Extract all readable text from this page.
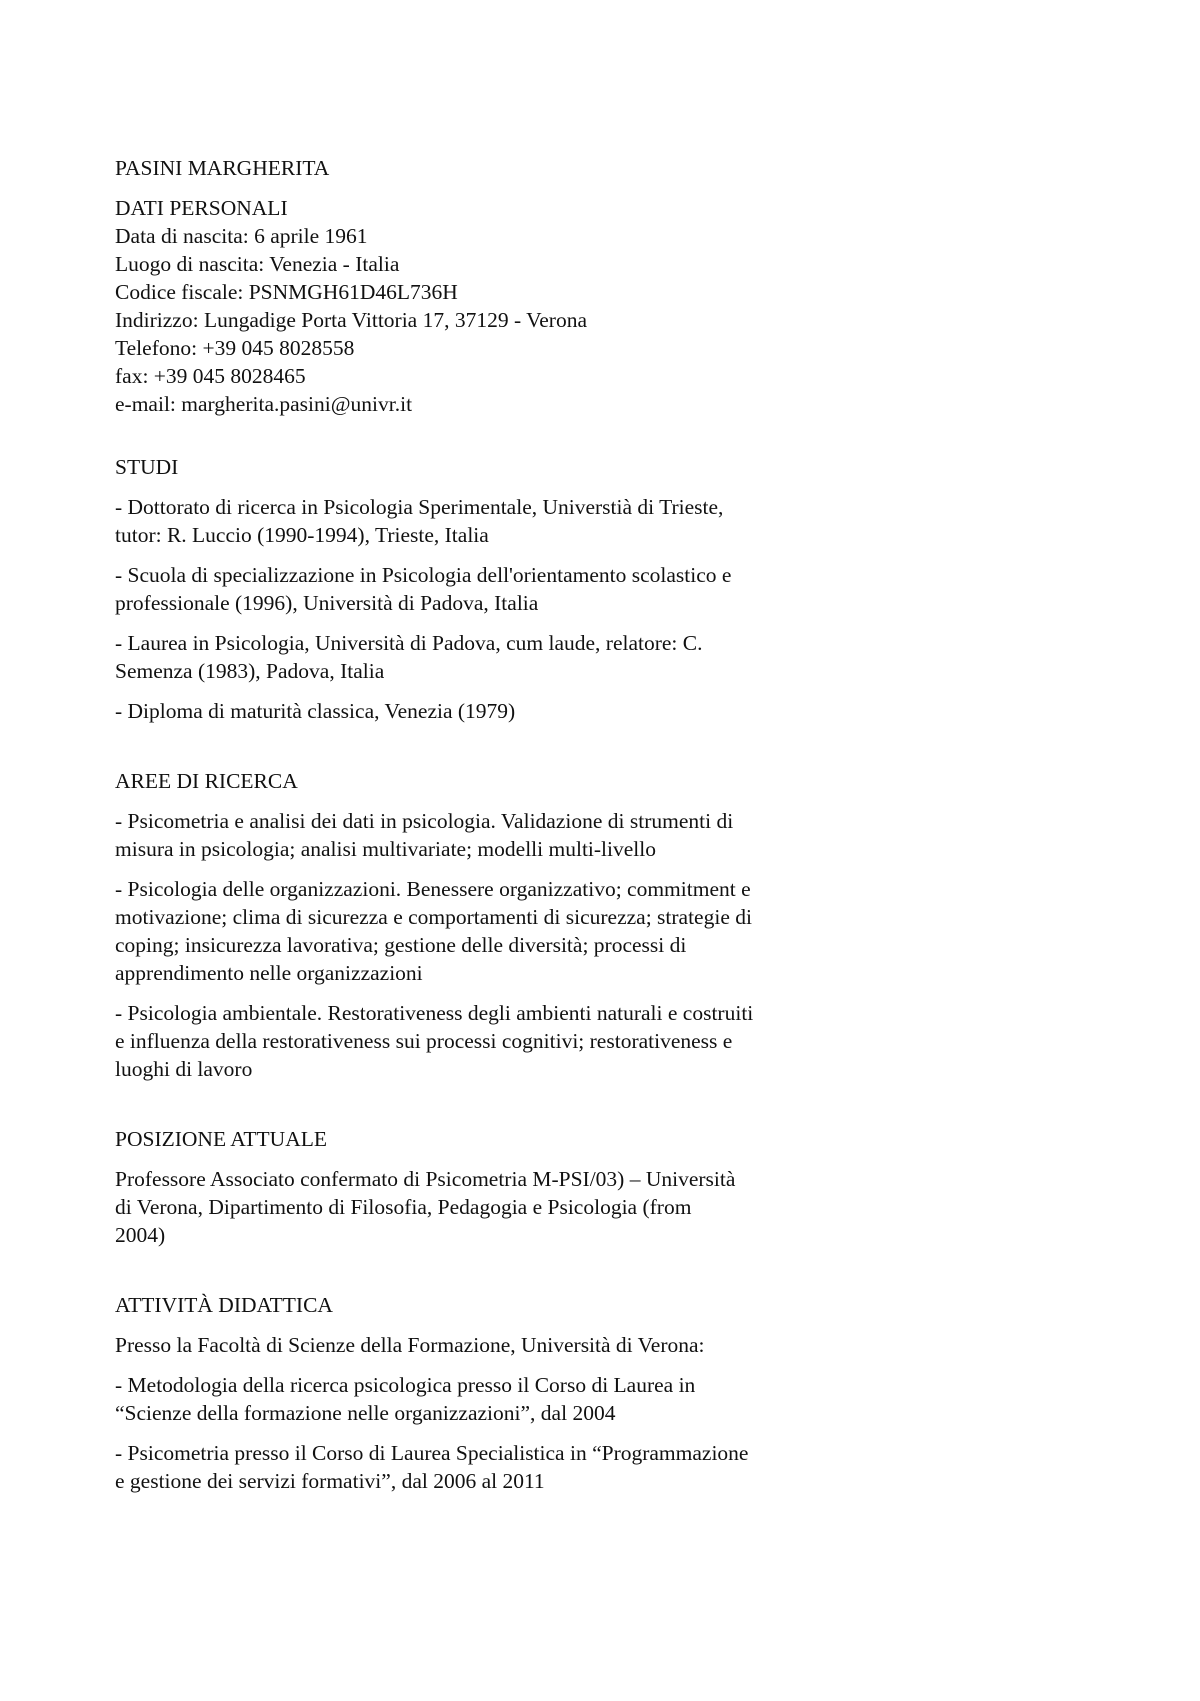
PASINI MARGHERITA
DATI PERSONALI
Data di nascita: 6 aprile 1961
Luogo di nascita: Venezia - Italia
Codice fiscale: PSNMGH61D46L736H
Indirizzo: Lungadige Porta Vittoria 17, 37129 - Verona
Telefono: +39 045 8028558
fax: +39 045 8028465
e-mail: margherita.pasini@univr.it
STUDI
- Dottorato di ricerca in Psicologia Sperimentale, Universtià di Trieste,
tutor: R. Luccio (1990-1994), Trieste, Italia
- Scuola di specializzazione in Psicologia dell'orientamento scolastico e
professionale (1996), Università di Padova, Italia
- Laurea in Psicologia, Università di Padova, cum laude, relatore: C.
Semenza (1983), Padova, Italia
- Diploma di maturità classica, Venezia (1979)
AREE DI RICERCA
- Psicometria e analisi dei dati in psicologia. Validazione di strumenti di
misura in psicologia; analisi multivariate; modelli multi-livello
- Psicologia delle organizzazioni. Benessere organizzativo; commitment e
motivazione; clima di sicurezza e comportamenti di sicurezza; strategie di
coping; insicurezza lavorativa; gestione delle diversità; processi di
apprendimento nelle organizzazioni
- Psicologia ambientale. Restorativeness degli ambienti naturali e costruiti
e influenza della restorativeness sui processi cognitivi; restorativeness e
luoghi di lavoro
POSIZIONE ATTUALE
Professore Associato confermato di Psicometria M-PSI/03) – Università
di Verona, Dipartimento di Filosofia, Pedagogia e Psicologia (from
2004)
ATTIVITÀ DIDATTICA
Presso la Facoltà di Scienze della Formazione, Università di Verona:
- Metodologia della ricerca psicologica presso il Corso di Laurea in
“Scienze della formazione nelle organizzazioni”, dal 2004
- Psicometria presso il Corso di Laurea Specialistica in “Programmazione
e gestione dei servizi formativi”, dal 2006 al 2011
